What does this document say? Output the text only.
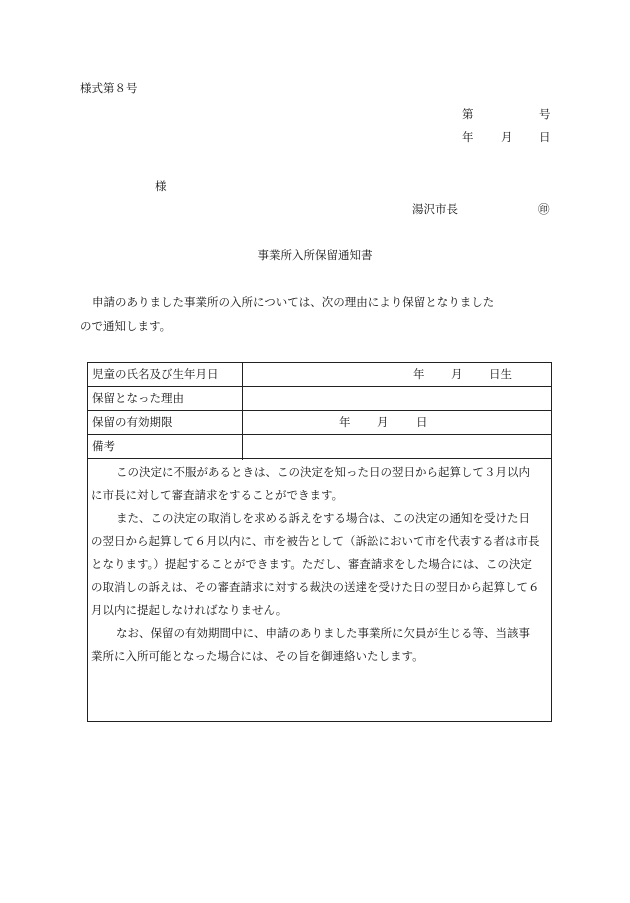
様式第８号
第	号
年 月 日
様
湯沢市長	㊞
事業所入所保留通知書

申請のありました事業所の入所については、次の理由により保留となりました

ので通知します。

児童の氏名及び生年月日	年 月 日生
保留となった理由
保留の有効期限	年 月 日
備考

この決定に不服があるときは、この決定を知った日の翌日から起算して３月以内に市長に対して審査請求をすることができます。

また、この決定の取消しを求める訴えをする場合は、この決定の通知を受けた日の翌日から起算して６月以内に、市を被告として（訴訟において市を代表する者は市長となります。）提起することができます。ただし、審査請求をした場合には、この決定の取消しの訴えは、その審査請求に対する裁決の送達を受けた日の翌日から起算して６月以内に提起しなければなりません。

なお、保留の有効期間中に、申請のありました事業所に欠員が生じる等、当該事業所に入所可能となった場合には、その旨を御連絡いたします。
